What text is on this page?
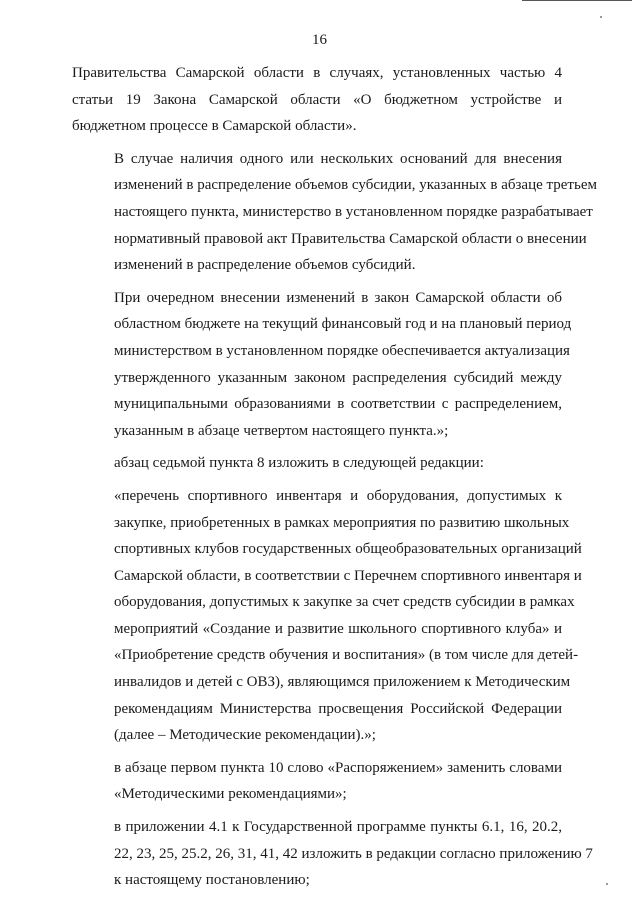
16

Правительства Самарской области в случаях, установленных частью 4
статьи 19 Закона Самарской области «О бюджетном устройстве и
бюджетном процессе в Самарской области».

В случае наличия одного или нескольких оснований для внесения
изменений в распределение объемов субсидии, указанных в абзаце третьем
настоящего пункта, министерство в установленном порядке разрабатывает
нормативный правовой акт Правительства Самарской области о внесении
изменений в распределение объемов субсидий.

При очередном внесении изменений в закон Самарской области об
областном бюджете на текущий финансовый год и на плановый период
министерством в установленном порядке обеспечивается актуализация
утвержденного указанным законом распределения субсидий между
муниципальными образованиями в соответствии с распределением,
указанным в абзаце четвертом настоящего пункта.»;

абзац седьмой пункта 8 изложить в следующей редакции:

«перечень спортивного инвентаря и оборудования, допустимых к
закупке, приобретенных в рамках мероприятия по развитию школьных
спортивных клубов государственных общеобразовательных организаций
Самарской области, в соответствии с Перечнем спортивного инвентаря и
оборудования, допустимых к закупке за счет средств субсидии в рамках
мероприятий «Создание и развитие школьного спортивного клуба» и
«Приобретение средств обучения и воспитания» (в том числе для детей-
инвалидов и детей с ОВЗ), являющимся приложением к Методическим
рекомендациям Министерства просвещения Российской Федерации
(далее – Методические рекомендации).»;

в абзаце первом пункта 10 слово «Распоряжением» заменить словами
«Методическими рекомендациями»;

в приложении 4.1 к Государственной программе пункты 6.1, 16, 20.2,
22, 23, 25, 25.2, 26, 31, 41, 42 изложить в редакции согласно приложению 7
к настоящему постановлению;
